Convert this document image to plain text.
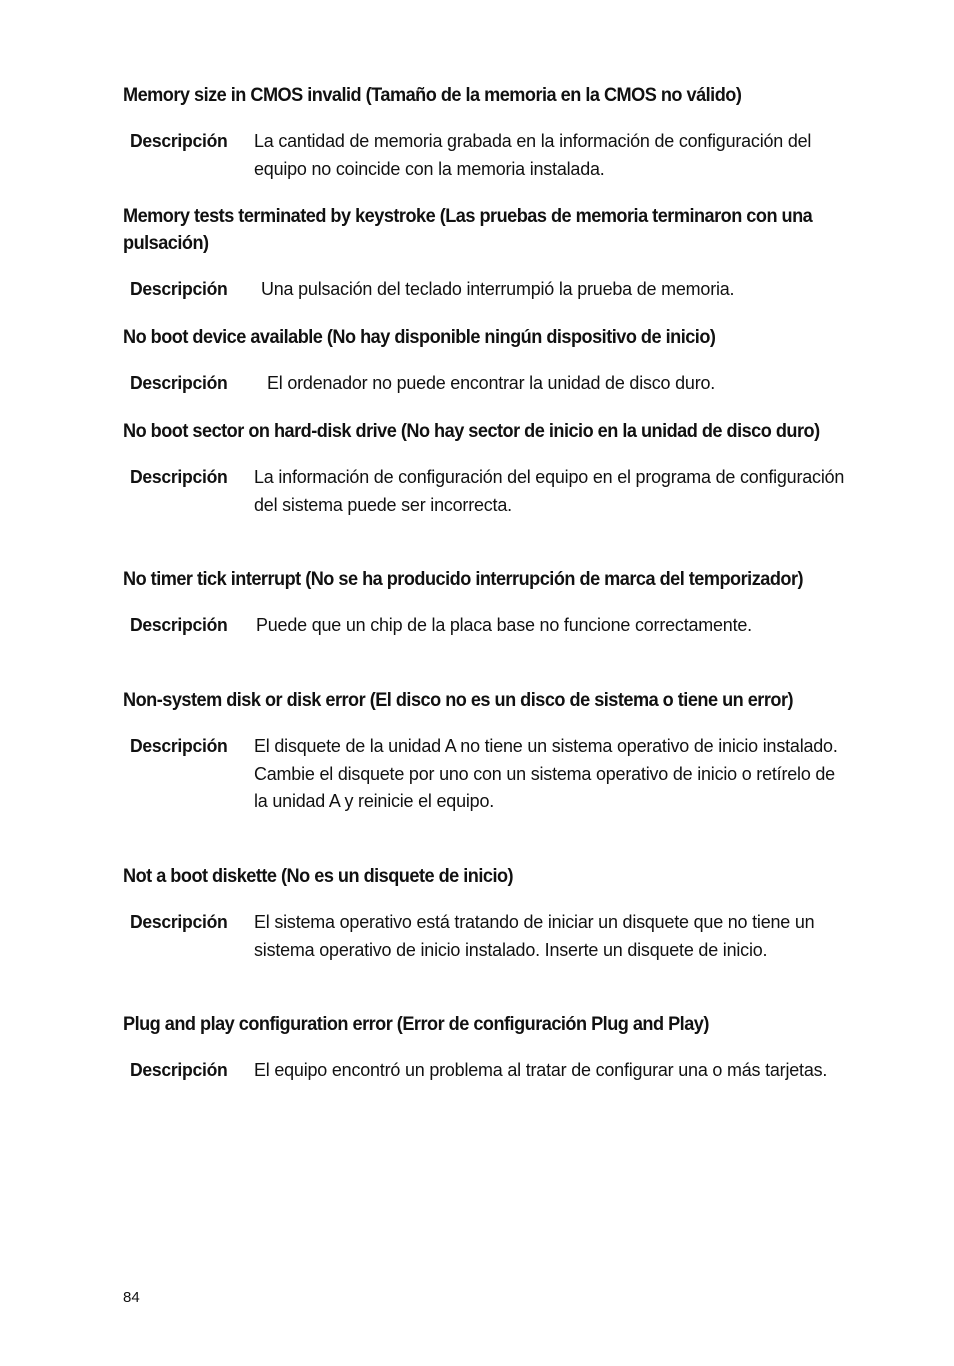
Memory size in CMOS invalid (Tamaño de la memoria en la CMOS no válido)
Descripción La cantidad de memoria grabada en la información de configuración del equipo no coincide con la memoria instalada.
Memory tests terminated by keystroke (Las pruebas de memoria terminaron con una pulsación)
Descripción Una pulsación del teclado interrumpió la prueba de memoria.
No boot device available (No hay disponible ningún dispositivo de inicio)
Descripción El ordenador no puede encontrar la unidad de disco duro.
No boot sector on hard-disk drive (No hay sector de inicio en la unidad de disco duro)
Descripción La información de configuración del equipo en el programa de configuración del sistema puede ser incorrecta.
No timer tick interrupt (No se ha producido interrupción de marca del temporizador)
Descripción Puede que un chip de la placa base no funcione correctamente.
Non-system disk or disk error (El disco no es un disco de sistema o tiene un error)
Descripción El disquete de la unidad A no tiene un sistema operativo de inicio instalado. Cambie el disquete por uno con un sistema operativo de inicio o retírelo de la unidad A y reinicie el equipo.
Not a boot diskette (No es un disquete de inicio)
Descripción El sistema operativo está tratando de iniciar un disquete que no tiene un sistema operativo de inicio instalado. Inserte un disquete de inicio.
Plug and play configuration error (Error de configuración Plug and Play)
Descripción El equipo encontró un problema al tratar de configurar una o más tarjetas.
84
